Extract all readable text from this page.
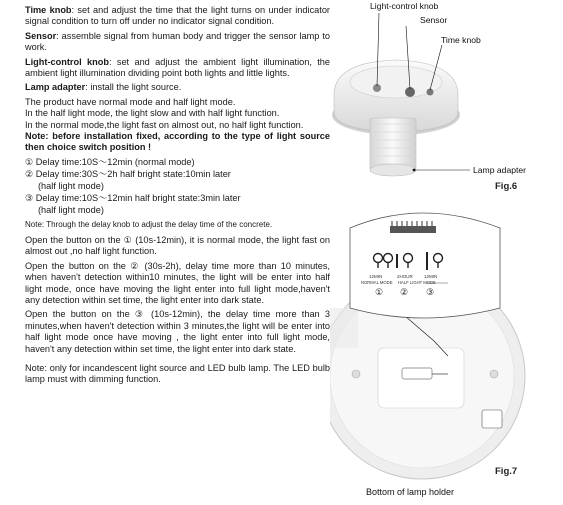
Time knob: set and adjust the time that the light turns on under indicator signal condition to turn off under no indicator signal condition.

Sensor: assemble signal from human body and trigger the sensor lamp to work.

Light-control knob: set and adjust the ambient light illumination, the ambient light illumination dividing point both lights and little lights.

Lamp adapter: install the light source.

The product have normal mode and half light mode.

In the half light mode, the light slow and with half light function.

In the normal mode,the light fast on almost out, no half light function.

Note: before installation fixed, according to the type of light source then choice switch position !

① Delay time:10S～12min (normal mode)

② Delay time:30S～2h half bright state:10min later
(half light mode)

③ Delay time:10S～12min half bright state:3min later
(half light mode)

Note: Through the delay knob to adjust the delay time of the concrete.

Open the button on the ① (10s-12min), it is normal mode, the light fast on almost out ,no half light function.

Open the button on the ② (30s-2h), delay time more than 10 minutes, when haven't detection within10 minutes, the light will be enter into half light mode, once have moving the light enter into full light mode,haven't any detection within set time, the light enter into dark state.

Open the button on the ③ (10s-12min), the delay time more than 3 minutes,when haven't detection within 3 minutes,the light will be enter into half light mode once have moving , the light enter into full light mode, haven't any detection within set time, the light enter into dark state.

Note: only for incandescent light source and LED bulb lamp. The LED bulb lamp must with dimming function.

Light-control knob
Sensor
Time knob
Lamp adapter
Fig.6
12MIN	2HOUR 12MIN
NORMAL MODE HALF LIGHT MODE
① ② ③
Fig.7
Bottom of lamp holder
